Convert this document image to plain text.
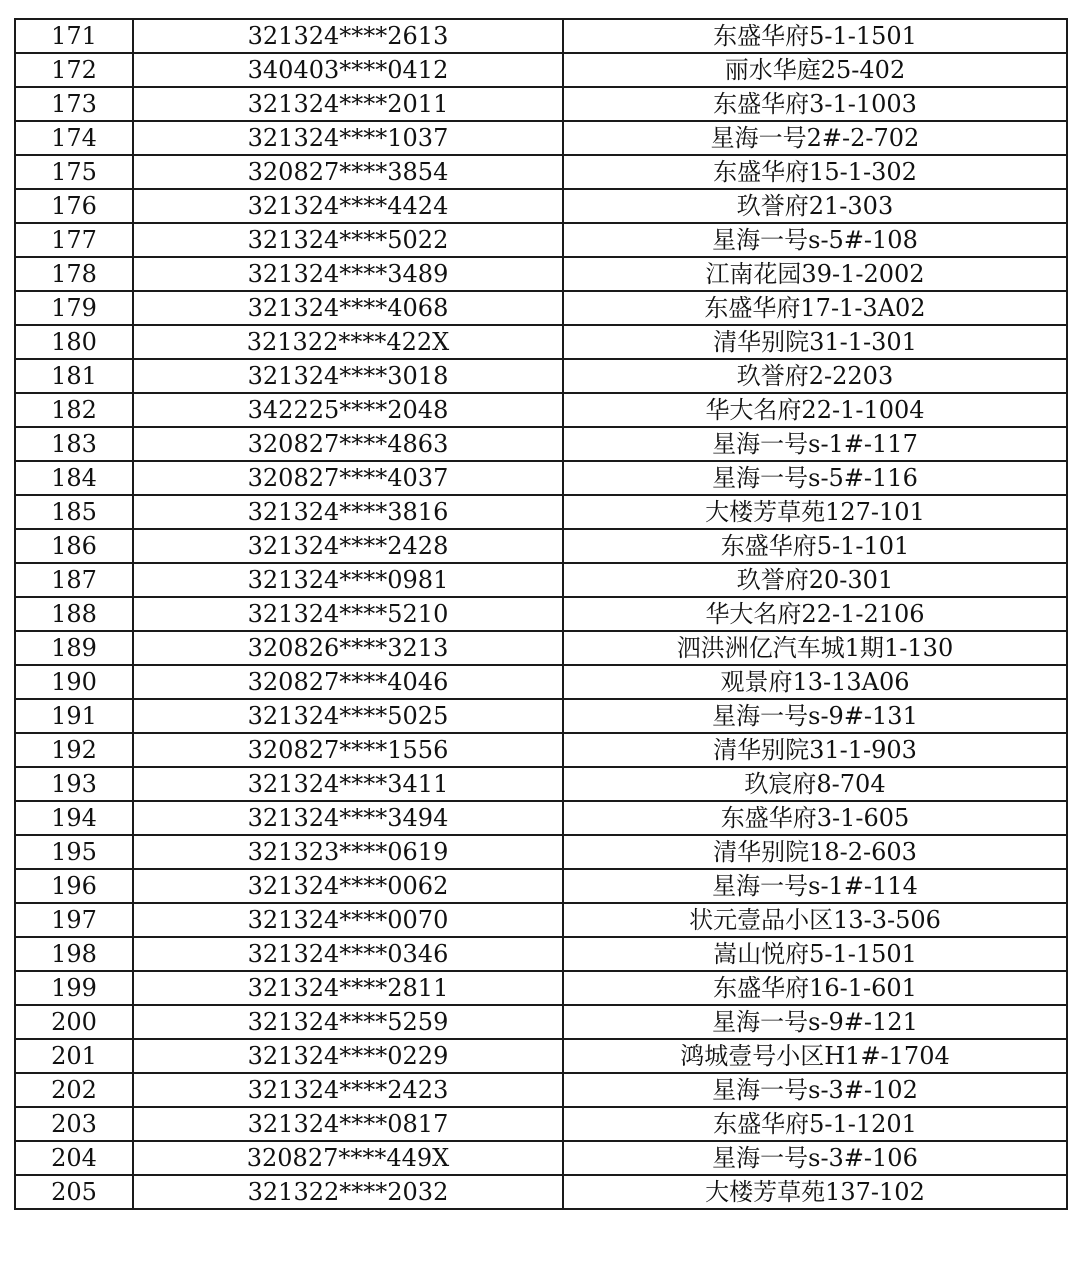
171	321324****2613	东盛华府5-1-1501
172	340403****0412	丽水华庭25-402
173	321324****2011	东盛华府3-1-1003
174	321324****1037	星海一号2#-2-702
175	320827****3854	东盛华府15-1-302
176	321324****4424	玖誉府21-303
177	321324****5022	星海一号s-5#-108
178	321324****3489	江南花园39-1-2002
179	321324****4068	东盛华府17-1-3A02
180	321322****422X	清华别院31-1-301
181	321324****3018	玖誉府2-2203
182	342225****2048	华大名府22-1-1004
183	320827****4863	星海一号s-1#-117
184	320827****4037	星海一号s-5#-116
185	321324****3816	大楼芳草苑127-101
186	321324****2428	东盛华府5-1-101
187	321324****0981	玖誉府20-301
188	321324****5210	华大名府22-1-2106
189	320826****3213	泗洪洲亿汽车城1期1-130
190	320827****4046	观景府13-13A06
191	321324****5025	星海一号s-9#-131
192	320827****1556	清华别院31-1-903
193	321324****3411	玖宸府8-704
194	321324****3494	东盛华府3-1-605
195	321323****0619	清华别院18-2-603
196	321324****0062	星海一号s-1#-114
197	321324****0070	状元壹品小区13-3-506
198	321324****0346	嵩山悦府5-1-1501
199	321324****2811	东盛华府16-1-601
200	321324****5259	星海一号s-9#-121
201	321324****0229	鸿城壹号小区H1#-1704
202	321324****2423	星海一号s-3#-102
203	321324****0817	东盛华府5-1-1201
204	320827****449X	星海一号s-3#-106
205	321322****2032	大楼芳草苑137-102
